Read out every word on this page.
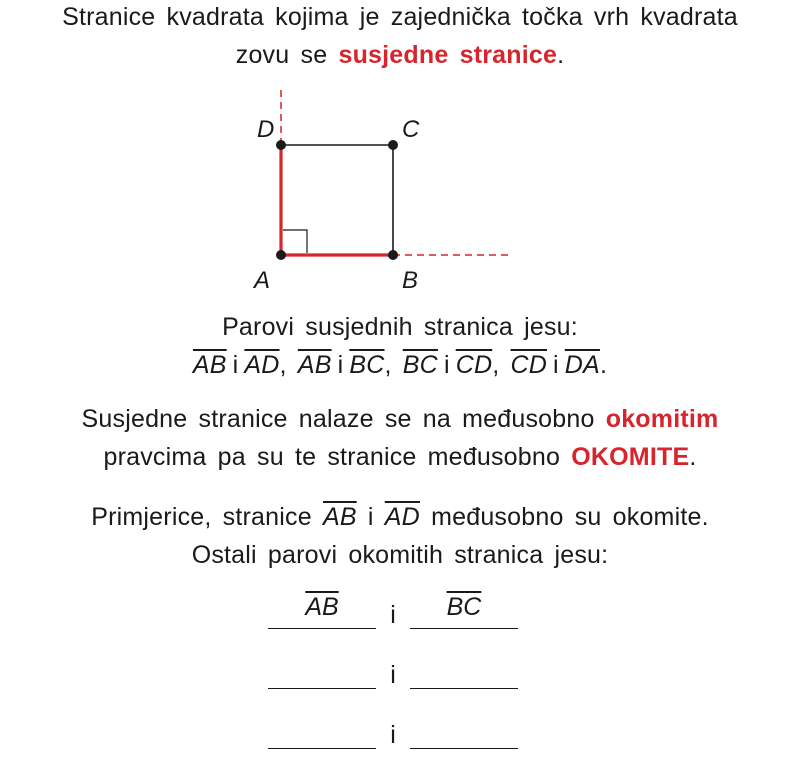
Stranice kvadrata kojima je zajednička točka vrh kvadrata
zovu se susjedne stranice.
D	C
A	B
Parovi susjednih stranica jesu:
$\overline{AB}$ i $\overline{AD}$, $\overline{AB}$ i $\overline{BC}$, $\overline{BC}$ i $\overline{CD}$, $\overline{CD}$ i $\overline{DA}$.
Susjedne stranice nalaze se na međusobno okomitim
pravcima pa su te stranice međusobno OKOMITE.
Primjerice, stranice $\overline{AB}$ i $\overline{AD}$ međusobno su okomite.
Ostali parovi okomitih stranica jesu:
$\overline{AB}$	i	$\overline{BC}$
i
i
